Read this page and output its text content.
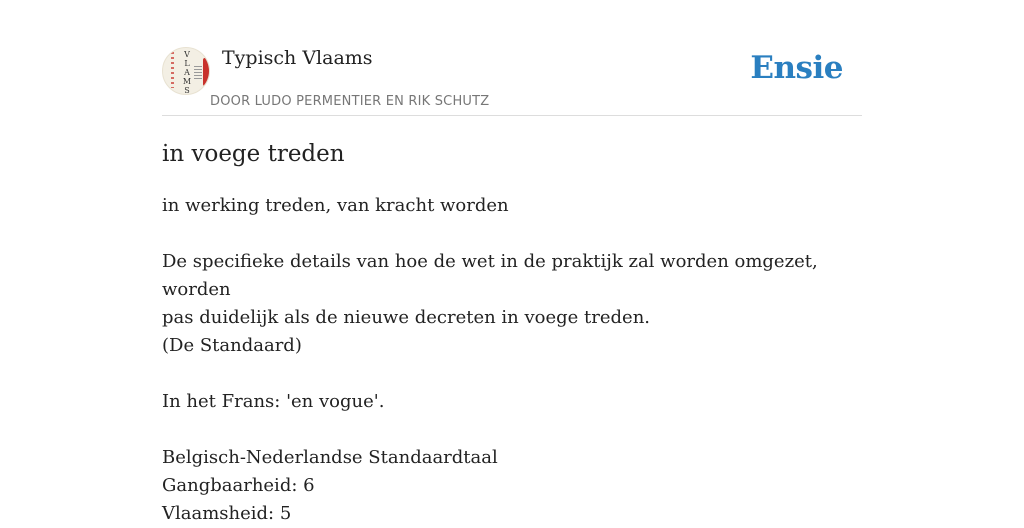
V
L
A
M
S
Typisch Vlaams
DOOR LUDO PERMENTIER EN RIK SCHUTZ
Ensie
in voege treden

in werking treden, van kracht worden

De specifieke details van hoe de wet in de praktijk zal worden omgezet, worden

pas duidelijk als de nieuwe decreten in voege treden.

(De Standaard)

In het Frans: 'en vogue'.

Belgisch-Nederlandse Standaardtaal

Gangbaarheid: 6

Vlaamsheid: 5
